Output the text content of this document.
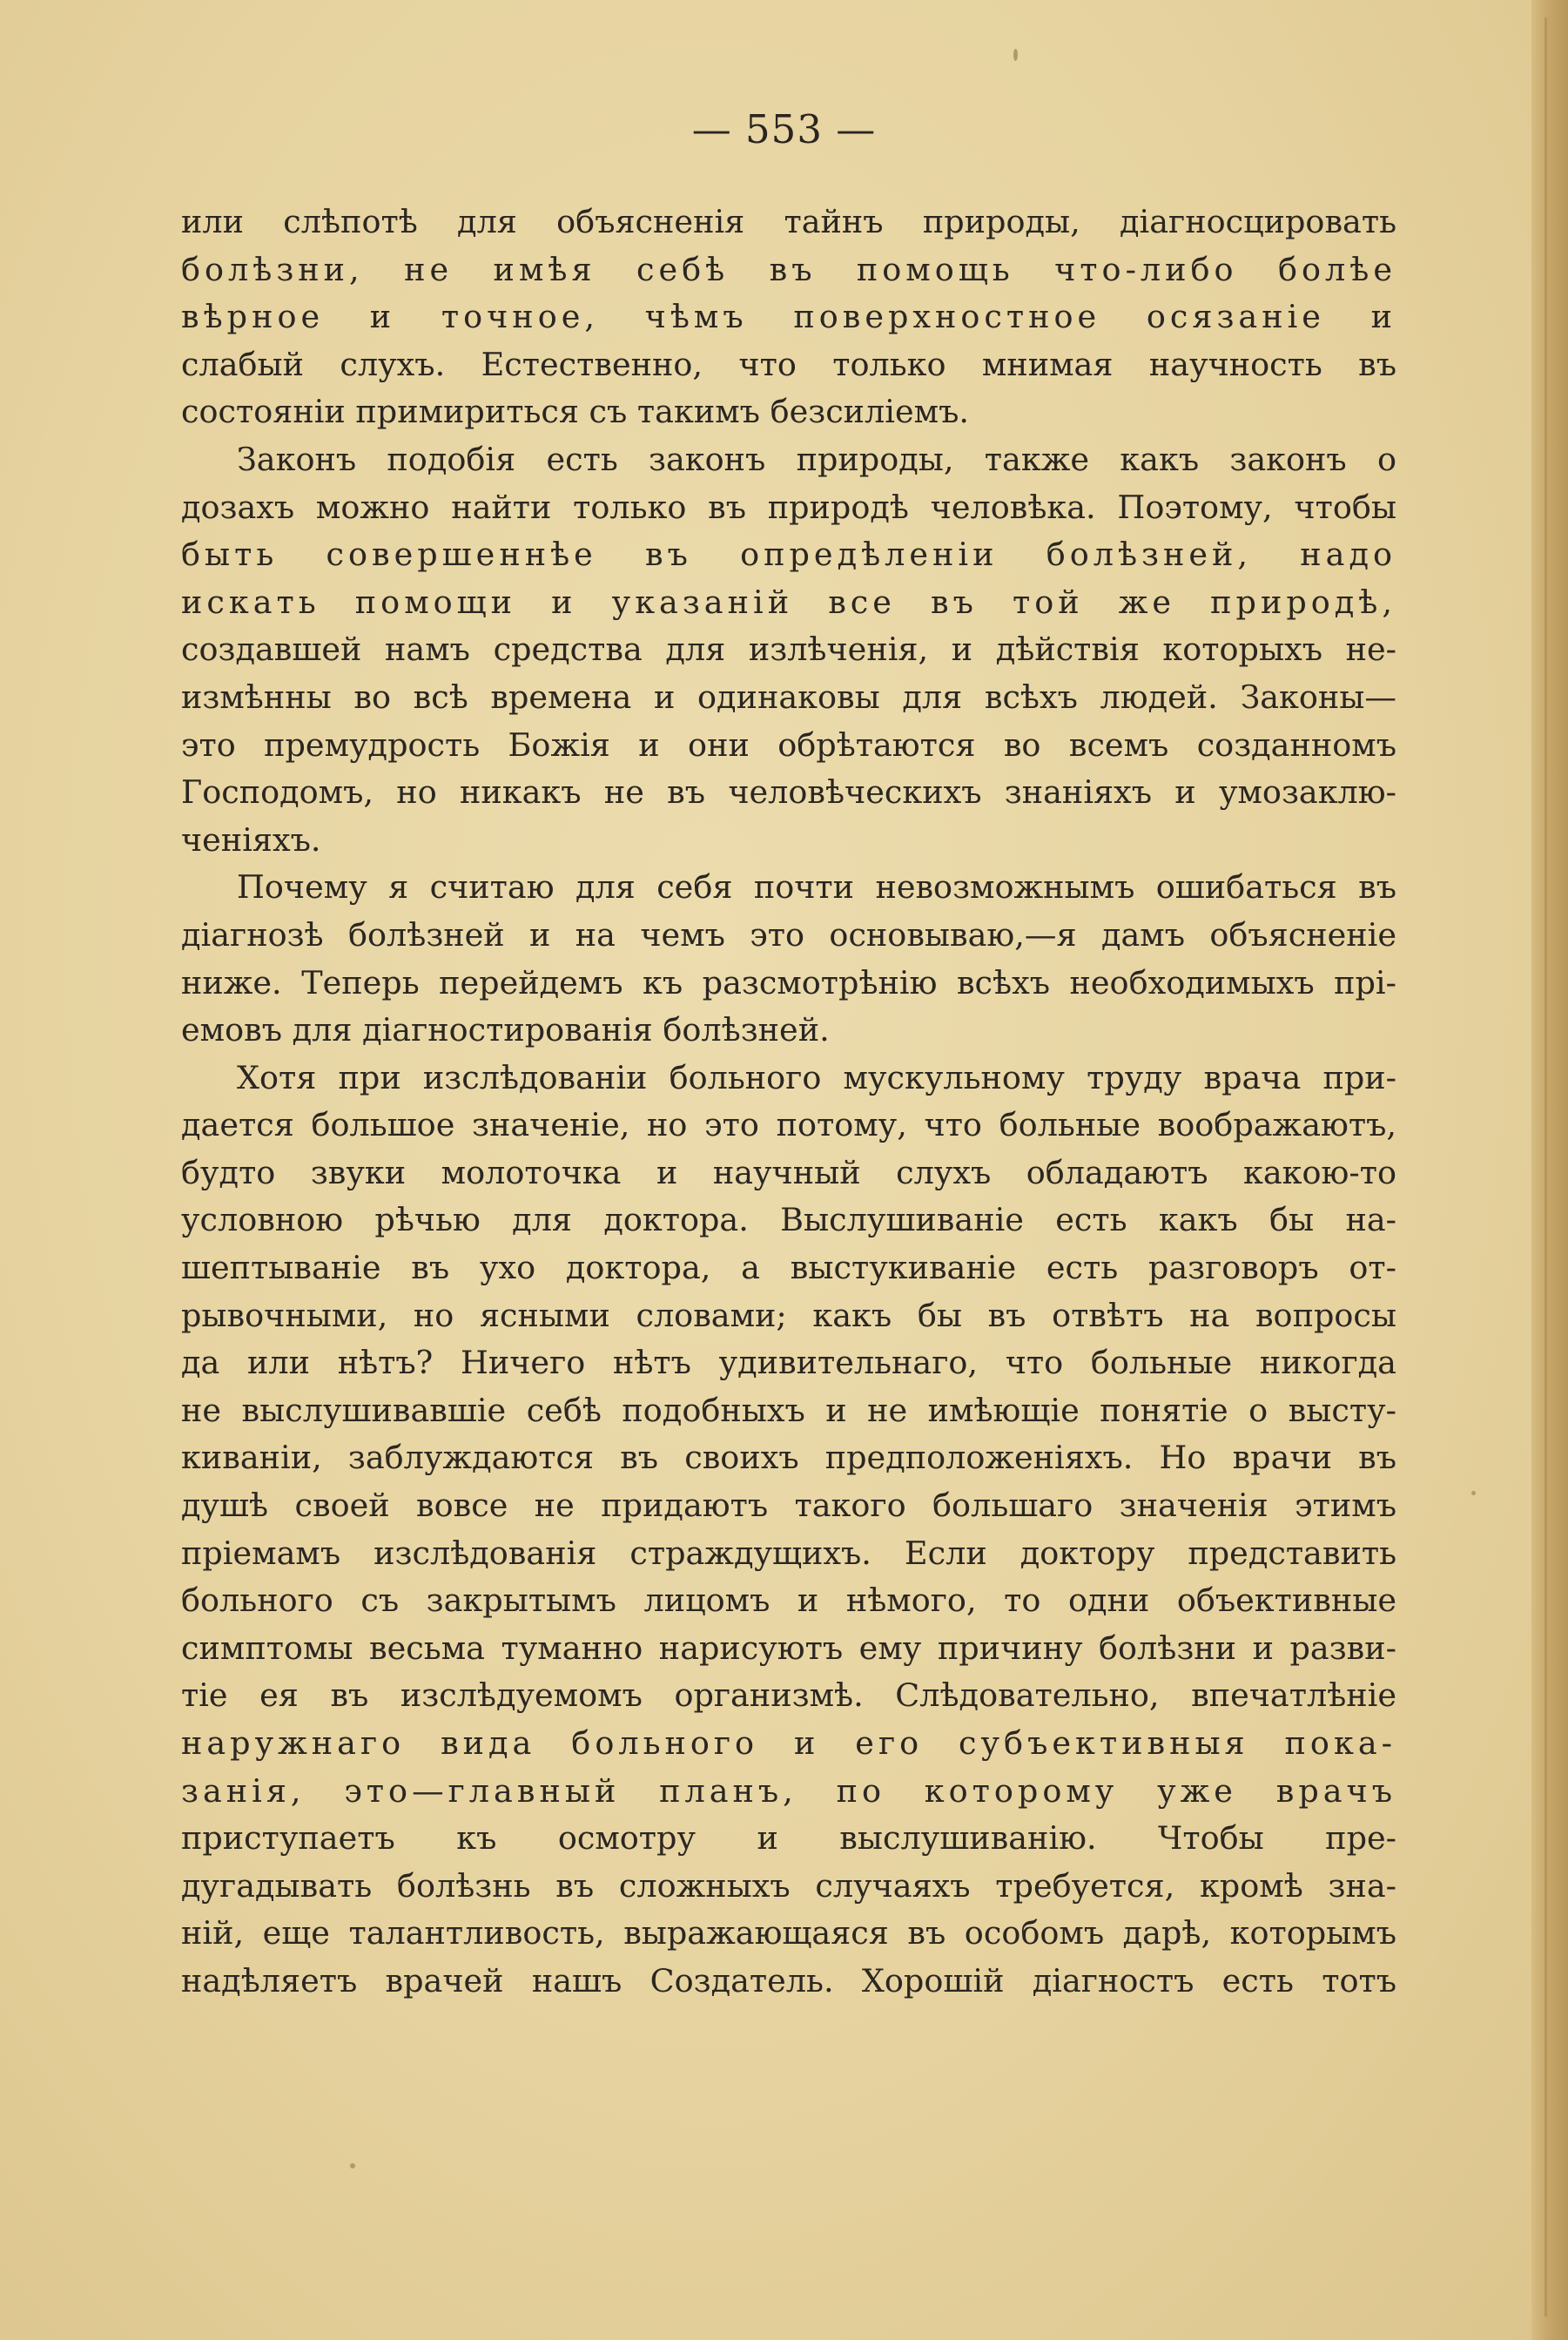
— 553 —
или слѣпотѣ для объясненія тайнъ природы, діагносцировать
болѣзни, не имѣя себѣ въ помощь что-либо болѣе
вѣрное и точное, чѣмъ поверхностное осязаніе и
слабый слухъ. Естественно, что только мнимая научность въ
состояніи примириться съ такимъ безсиліемъ.
Законъ подобія есть законъ природы, также какъ законъ о
дозахъ можно найти только въ природѣ человѣка. Поэтому, чтобы
быть совершеннѣе въ опредѣленіи болѣзней, надо
искать помощи и указаній все въ той же природѣ,
создавшей намъ средства для излѣченія, и дѣйствія которыхъ не-
измѣнны во всѣ времена и одинаковы для всѣхъ людей. Законы—
это премудрость Божія и они обрѣтаются во всемъ созданномъ
Господомъ, но никакъ не въ человѣческихъ знаніяхъ и умозаклю-
ченіяхъ.
Почему я считаю для себя почти невозможнымъ ошибаться въ
діагнозѣ болѣзней и на чемъ это основываю,—я дамъ объясненіе
ниже. Теперь перейдемъ къ разсмотрѣнію всѣхъ необходимыхъ прі-
емовъ для діагностированія болѣзней.
Хотя при изслѣдованіи больного мускульному труду врача при-
дается большое значеніе, но это потому, что больные воображаютъ,
будто звуки молоточка и научный слухъ обладаютъ какою-то
условною рѣчью для доктора. Выслушиваніе есть какъ бы на-
шептываніе въ ухо доктора, а выстукиваніе есть разговоръ от-
рывочными, но ясными словами; какъ бы въ отвѣтъ на вопросы
да или нѣтъ? Ничего нѣтъ удивительнаго, что больные никогда
не выслушивавшіе себѣ подобныхъ и не имѣющіе понятіе о высту-
киваніи, заблуждаются въ своихъ предположеніяхъ. Но врачи въ
душѣ своей вовсе не придаютъ такого большаго значенія этимъ
пріемамъ изслѣдованія страждущихъ. Если доктору представить
больного съ закрытымъ лицомъ и нѣмого, то одни объективные
симптомы весьма туманно нарисуютъ ему причину болѣзни и разви-
тіе ея въ изслѣдуемомъ организмѣ. Слѣдовательно, впечатлѣніе
наружнаго вида больного и его субъективныя пока-
занія, это—главный планъ, по которому уже врачъ
приступаетъ къ осмотру и выслушиванію. Чтобы пре-
дугадывать болѣзнь въ сложныхъ случаяхъ требуется, кромѣ зна-
ній, еще талантливость, выражающаяся въ особомъ дарѣ, которымъ
надѣляетъ врачей нашъ Создатель. Хорошій діагностъ есть тотъ
